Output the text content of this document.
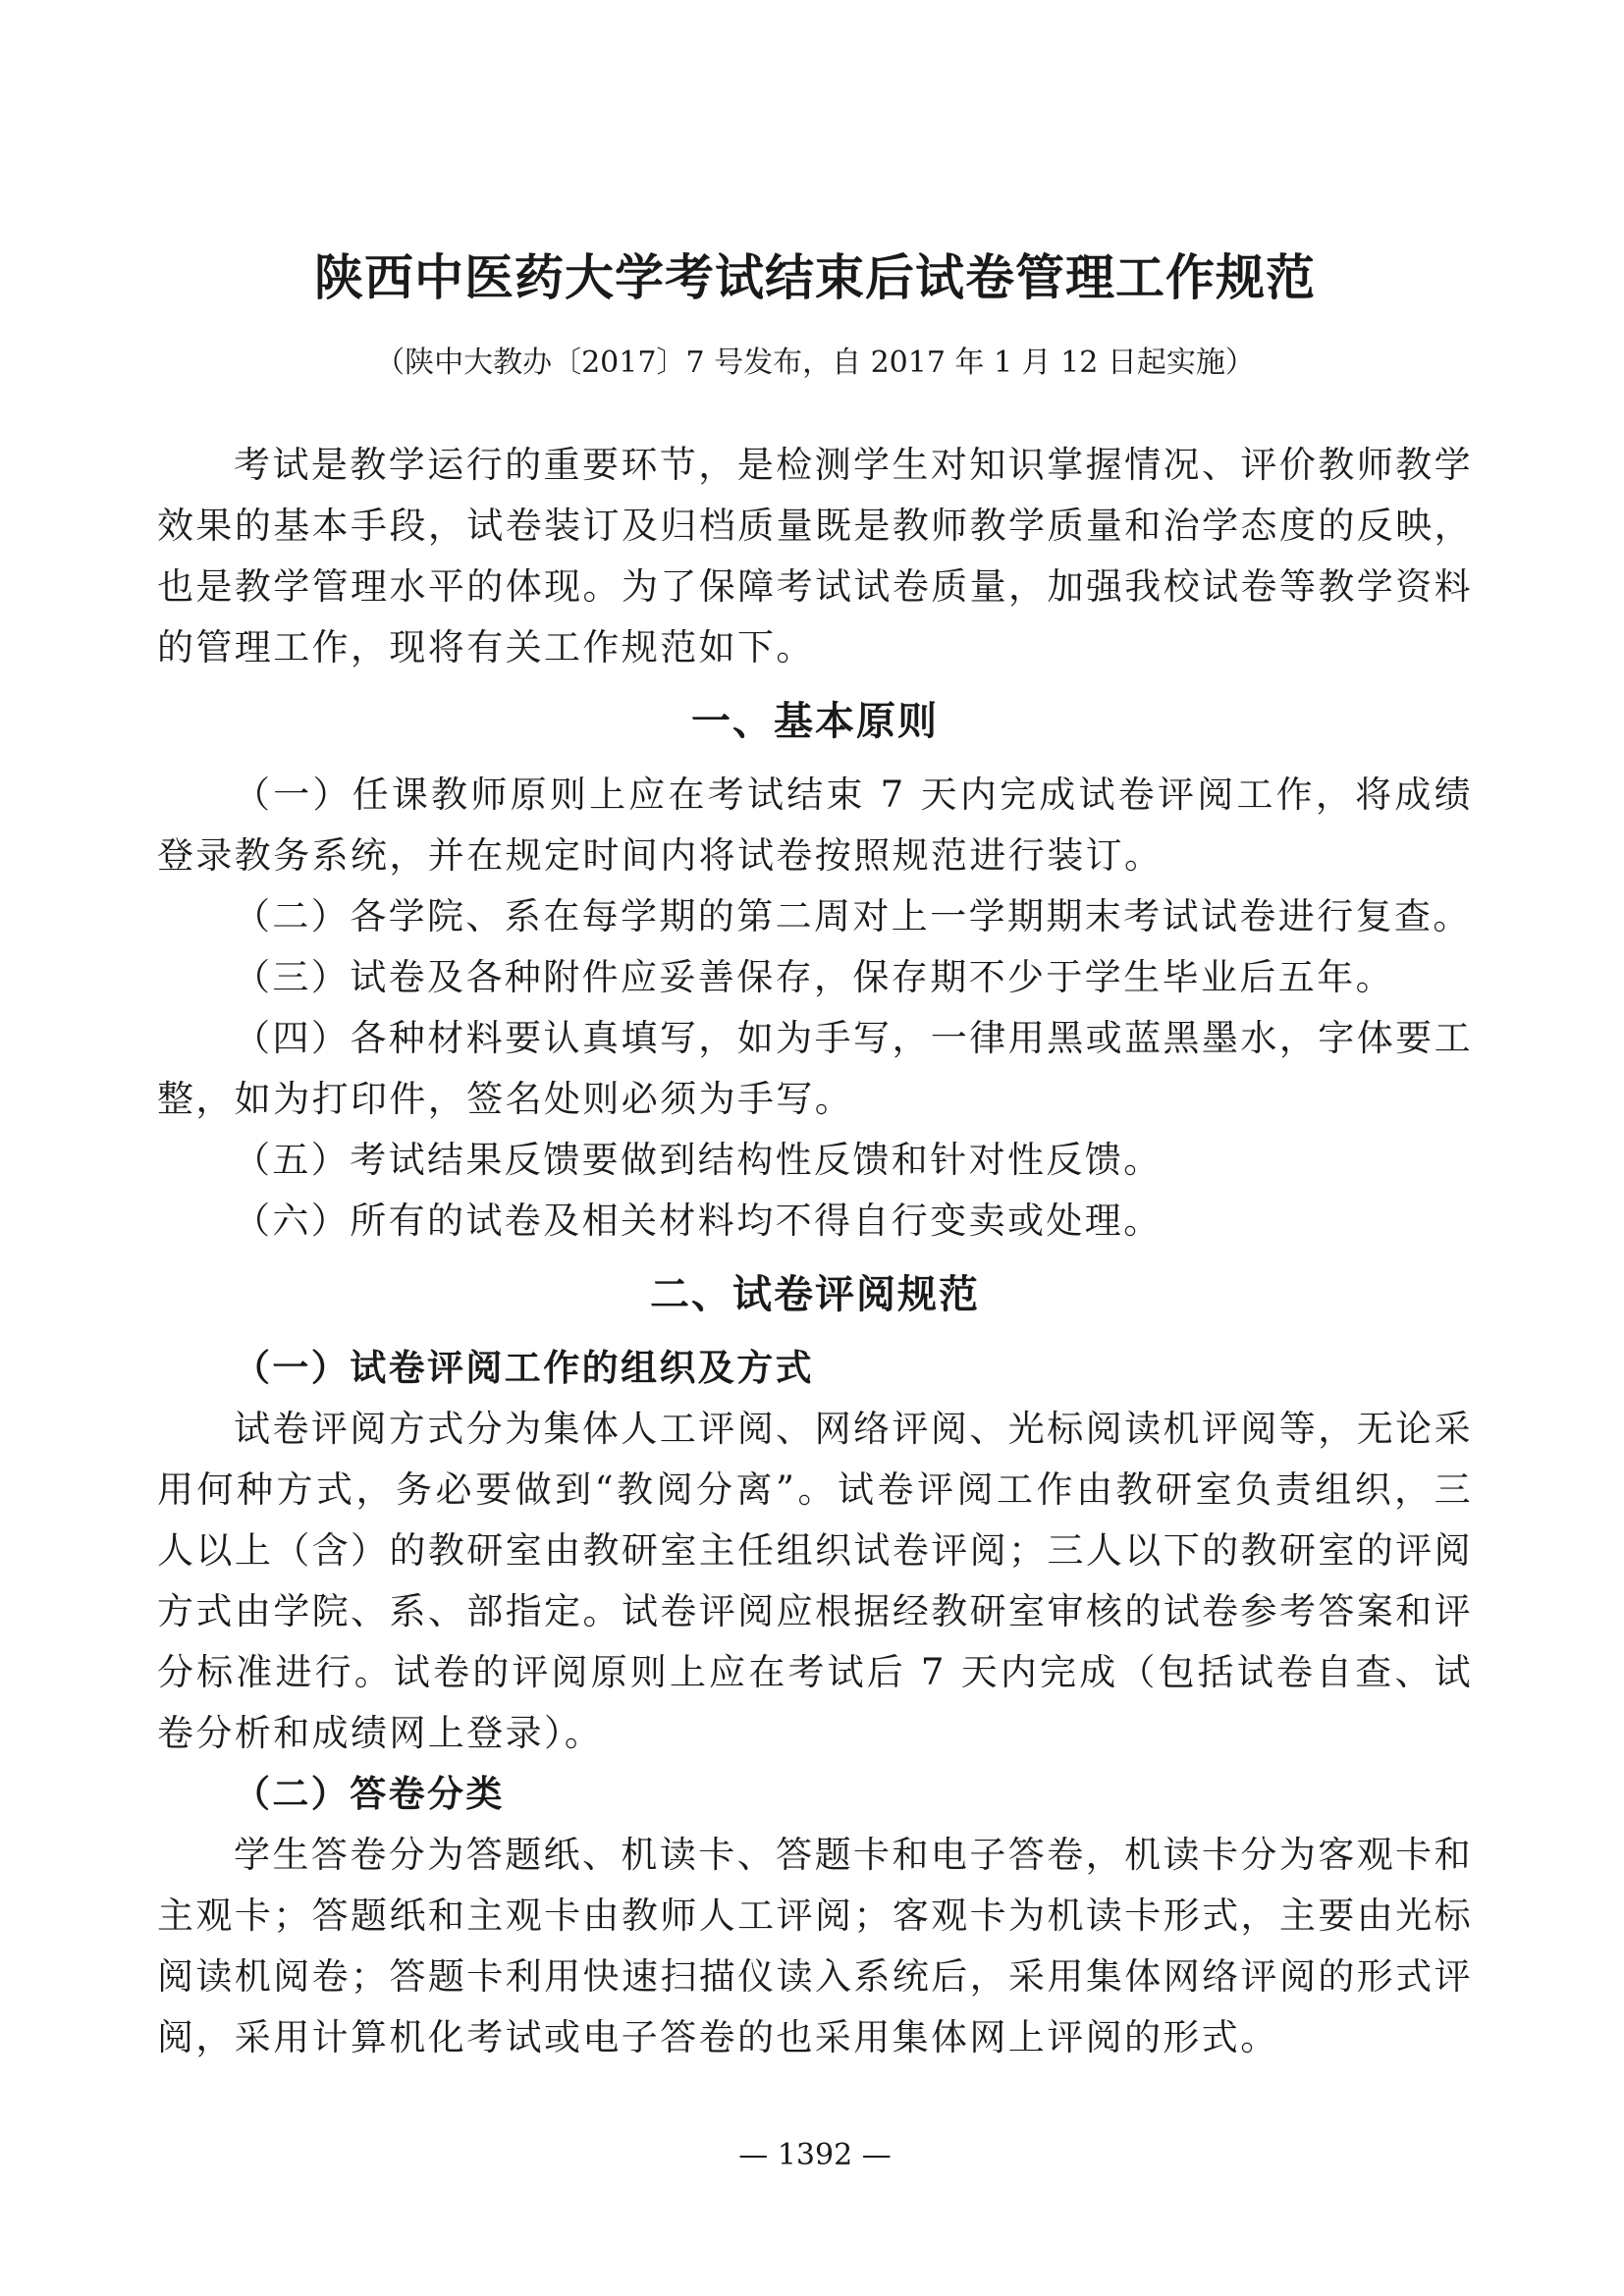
陕西中医药大学考试结束后试卷管理工作规范

（陕中大教办〔2017〕7 号发布，自 2017 年 1 月 12 日起实施）

考试是教学运行的重要环节，是检测学生对知识掌握情况、评价教师教学效果的基本手段，试卷装订及归档质量既是教师教学质量和治学态度的反映，也是教学管理水平的体现。为了保障考试试卷质量，加强我校试卷等教学资料的管理工作，现将有关工作规范如下。

一、基本原则

（一）任课教师原则上应在考试结束 7 天内完成试卷评阅工作，将成绩登录教务系统，并在规定时间内将试卷按照规范进行装订。

（二）各学院、系在每学期的第二周对上一学期期末考试试卷进行复查。

（三）试卷及各种附件应妥善保存，保存期不少于学生毕业后五年。

（四）各种材料要认真填写，如为手写，一律用黑或蓝黑墨水，字体要工整，如为打印件，签名处则必须为手写。

（五）考试结果反馈要做到结构性反馈和针对性反馈。

（六）所有的试卷及相关材料均不得自行变卖或处理。

二、试卷评阅规范
（一）试卷评阅工作的组织及方式

试卷评阅方式分为集体人工评阅、网络评阅、光标阅读机评阅等，无论采用何种方式，务必要做到“教阅分离”。试卷评阅工作由教研室负责组织，三人以上（含）的教研室由教研室主任组织试卷评阅；三人以下的教研室的评阅方式由学院、系、部指定。试卷评阅应根据经教研室审核的试卷参考答案和评分标准进行。试卷的评阅原则上应在考试后 7 天内完成（包括试卷自查、试卷分析和成绩网上登录）。

（二）答卷分类

学生答卷分为答题纸、机读卡、答题卡和电子答卷，机读卡分为客观卡和主观卡；答题纸和主观卡由教师人工评阅；客观卡为机读卡形式，主要由光标阅读机阅卷；答题卡利用快速扫描仪读入系统后，采用集体网络评阅的形式评阅，采用计算机化考试或电子答卷的也采用集体网上评阅的形式。

— 1392 —
